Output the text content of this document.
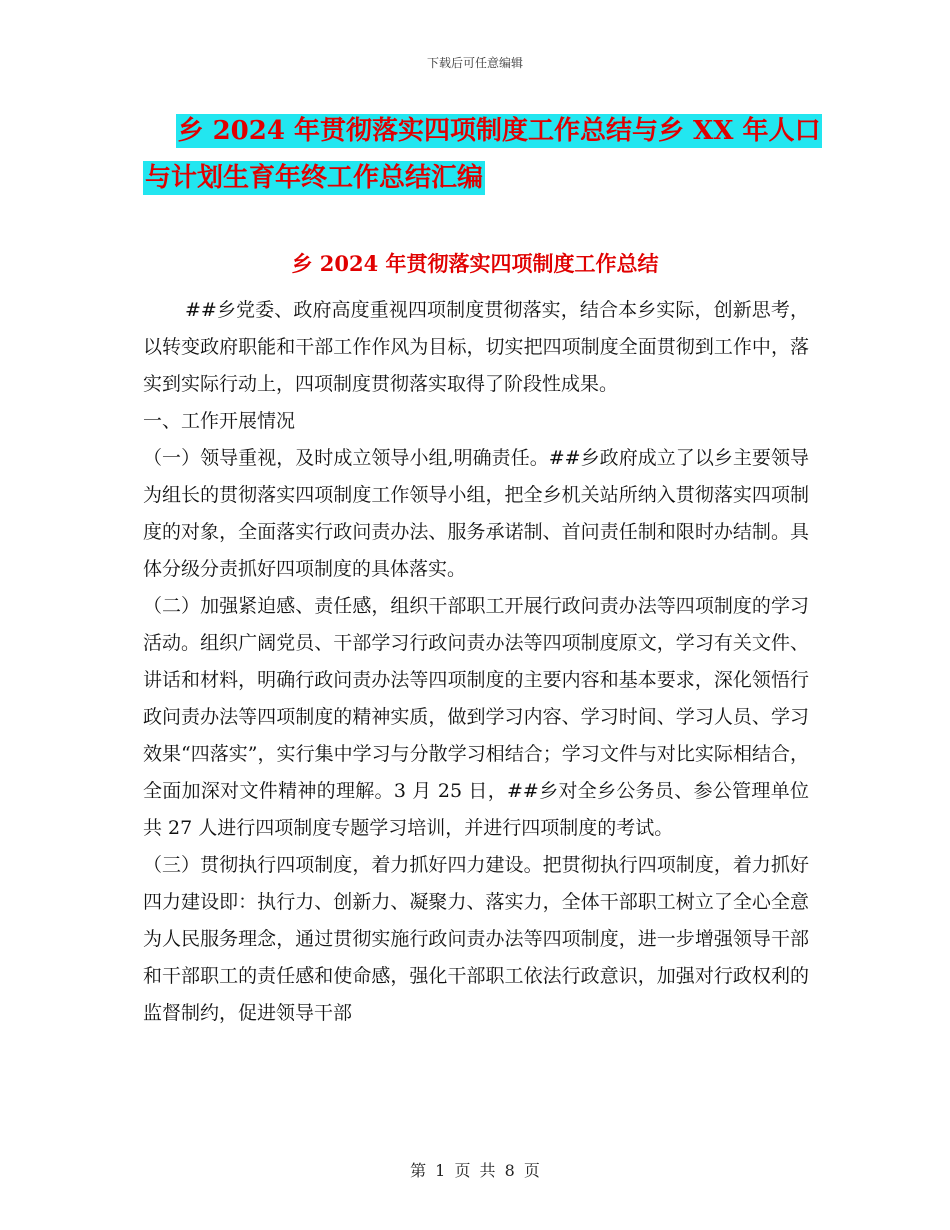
下载后可任意编辑
乡 2024 年贯彻落实四项制度工作总结与乡 XX 年人口
与计划生育年终工作总结汇编
乡 2024 年贯彻落实四项制度工作总结

##乡党委、政府高度重视四项制度贯彻落实，结合本乡实际，创新思考，以转变政府职能和干部工作作风为目标，切实把四项制度全面贯彻到工作中，落实到实际行动上，四项制度贯彻落实取得了阶段性成果。

一、工作开展情况

（一）领导重视，及时成立领导小组,明确责任。##乡政府成立了以乡主要领导为组长的贯彻落实四项制度工作领导小组，把全乡机关站所纳入贯彻落实四项制度的对象，全面落实行政问责办法、服务承诺制、首问责任制和限时办结制。具体分级分责抓好四项制度的具体落实。

（二）加强紧迫感、责任感，组织干部职工开展行政问责办法等四项制度的学习活动。组织广阔党员、干部学习行政问责办法等四项制度原文，学习有关文件、讲话和材料，明确行政问责办法等四项制度的主要内容和基本要求，深化领悟行政问责办法等四项制度的精神实质，做到学习内容、学习时间、学习人员、学习效果“四落实”，实行集中学习与分散学习相结合；学习文件与对比实际相结合，全面加深对文件精神的理解。3 月 25 日，##乡对全乡公务员、参公管理单位共 27 人进行四项制度专题学习培训，并进行四项制度的考试。

（三）贯彻执行四项制度，着力抓好四力建设。把贯彻执行四项制度，着力抓好四力建设即：执行力、创新力、凝聚力、落实力，全体干部职工树立了全心全意为人民服务理念，通过贯彻实施行政问责办法等四项制度，进一步增强领导干部和干部职工的责任感和使命感，强化干部职工依法行政意识，加强对行政权利的监督制约，促进领导干部

第 1 页 共 8 页
